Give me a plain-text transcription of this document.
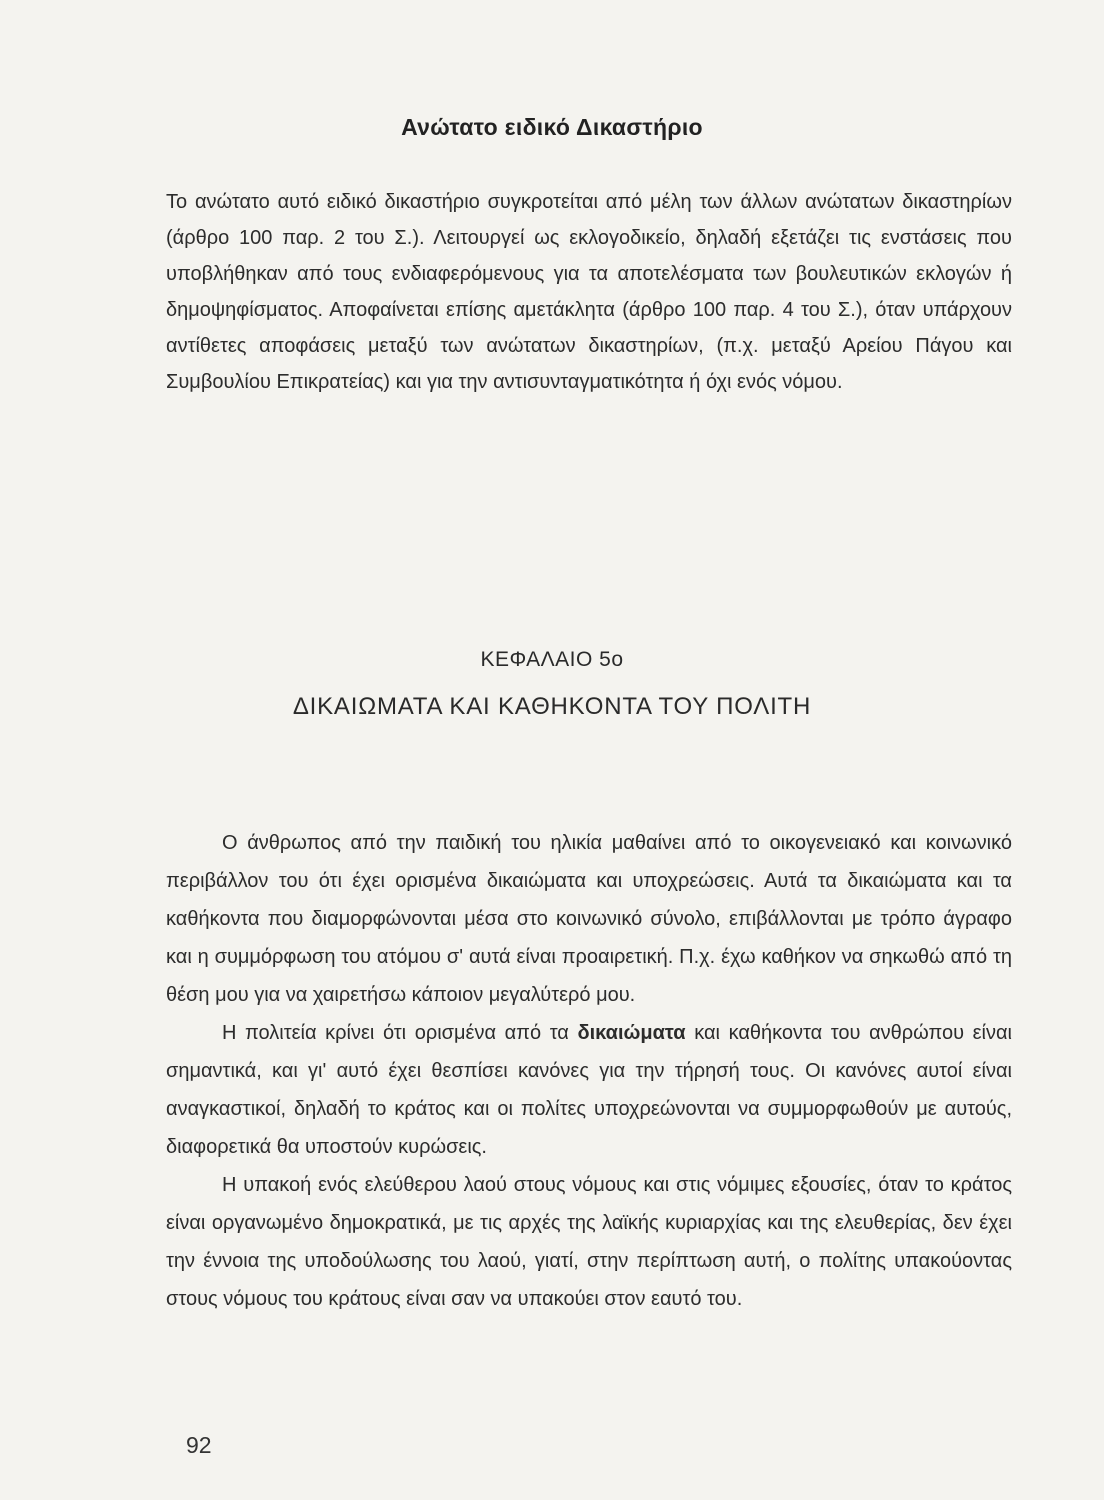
Ανώτατο ειδικό Δικαστήριο

Το ανώτατο αυτό ειδικό δικαστήριο συγκροτείται από μέλη των άλλων ανώτατων δικαστηρίων (άρθρο 100 παρ. 2 του Σ.). Λειτουργεί ως εκλογοδικείο, δηλαδή εξετάζει τις ενστάσεις που υποβλήθηκαν από τους ενδιαφερόμενους για τα αποτελέσματα των βουλευτικών εκλογών ή δημοψηφίσματος. Αποφαίνεται επίσης αμετάκλητα (άρθρο 100 παρ. 4 του Σ.), όταν υπάρχουν αντίθετες αποφάσεις μεταξύ των ανώτατων δικαστηρίων, (π.χ. μεταξύ Αρείου Πάγου και Συμβουλίου Επικρατείας) και για την αντισυνταγματικότητα ή όχι ενός νόμου.

ΚΕΦΑΛΑΙΟ 5ο
ΔΙΚΑΙΩΜΑΤΑ ΚΑΙ ΚΑΘΗΚΟΝΤΑ ΤΟΥ ΠΟΛΙΤΗ

Ο άνθρωπος από την παιδική του ηλικία μαθαίνει από το οικογενειακό και κοινωνικό περιβάλλον του ότι έχει ορισμένα δικαιώματα και υποχρεώσεις. Αυτά τα δικαιώματα και τα καθήκοντα που διαμορφώνονται μέσα στο κοινωνικό σύνολο, επιβάλλονται με τρόπο άγραφο και η συμμόρφωση του ατόμου σ' αυτά είναι προαιρετική. Π.χ. έχω καθήκον να σηκωθώ από τη θέση μου για να χαιρετήσω κάποιον μεγαλύτερό μου.

Η πολιτεία κρίνει ότι ορισμένα από τα δικαιώματα και καθήκοντα του ανθρώπου είναι σημαντικά, και γι' αυτό έχει θεσπίσει κανόνες για την τήρησή τους. Οι κανόνες αυτοί είναι αναγκαστικοί, δηλαδή το κράτος και οι πολίτες υποχρεώνονται να συμμορφωθούν με αυτούς, διαφορετικά θα υποστούν κυρώσεις.

Η υπακοή ενός ελεύθερου λαού στους νόμους και στις νόμιμες εξουσίες, όταν το κράτος είναι οργανωμένο δημοκρατικά, με τις αρχές της λαϊκής κυριαρχίας και της ελευθερίας, δεν έχει την έννοια της υποδούλωσης του λαού, γιατί, στην περίπτωση αυτή, ο πολίτης υπακούοντας στους νόμους του κράτους είναι σαν να υπακούει στον εαυτό του.

92
